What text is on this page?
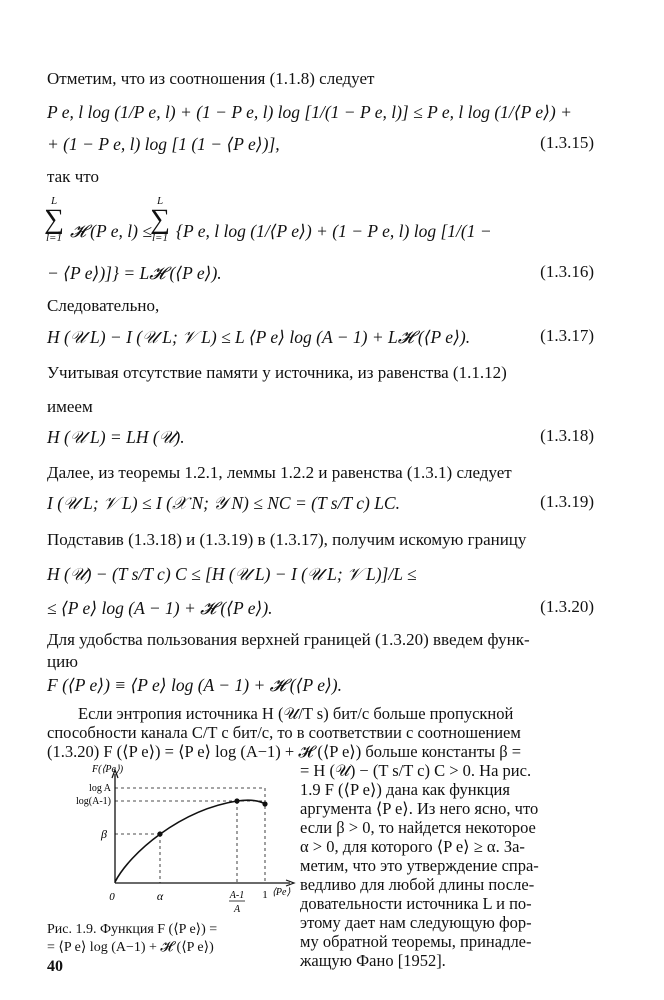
Отметим, что из соотношения (1.1.8) следует
P e, l log (1/P e, l) + (1 − P e, l) log [1/(1 − P e, l)] ≤ P e, l log (1/⟨P e⟩) +
+ (1 − P e, l) log [1 (1 − ⟨P e⟩)],	(1.3.15)
так что
L
∑
l=1 𝓗 (P e, l) ≤
L
∑
l=1 {P e, l log (1/⟨P e⟩) + (1 − P e, l) log [1/(1 −
− ⟨P e⟩)]} = L𝓗 (⟨P e⟩).	(1.3.16)
Следовательно,
H (𝒰 L) − I (𝒰 L; 𝒱 L) ≤ L ⟨P e⟩ log (A − 1) + L𝓗 (⟨P e⟩).	(1.3.17)
Учитывая отсутствие памяти у источника, из равенства (1.1.12)
имеем
H (𝒰 L) = LH (𝒰).	(1.3.18)
Далее, из теоремы 1.2.1, леммы 1.2.2 и равенства (1.3.1) следует
I (𝒰 L; 𝒱 L) ≤ I (𝒳 N; 𝒴 N) ≤ NC = (T s/T c) LC.	(1.3.19)
Подставив (1.3.18) и (1.3.19) в (1.3.17), получим искомую границу
H (𝒰) − (T s/T c) C ≤ [H (𝒰 L) − I (𝒰 L; 𝒱 L)]/L ≤
≤ ⟨P e⟩ log (A − 1) + 𝓗 (⟨P e⟩).	(1.3.20)
Для удобства пользования верхней границей (1.3.20) введем функ-
цию
F (⟨P e⟩) ≡ ⟨P e⟩ log (A − 1) + 𝓗 (⟨P e⟩).
Если энтропия источника H (𝒰/T s) бит/с больше пропускной
способности канала C/T c бит/с, то в соответствии с соотношением
(1.3.20) F (⟨P e⟩) = ⟨P e⟩ log (A−1) + 𝓗 (⟨P e⟩) больше константы β =
= H (𝒰) − (T s/T c) C > 0. На рис.
1.9 F (⟨P e⟩) дана как функция
аргумента ⟨P e⟩. Из него ясно, что
если β > 0, то найдется некоторое
α > 0, для которого ⟨P e⟩ ≥ α. За-
метим, что это утверждение спра-
ведливо для любой длины после-
довательности источника L и по-
этому дает нам следующую фор-
му обратной теоремы, принадле-
жащую Фано [1952].
F(⟨Pe⟩)
log A
log(A-1)
β
0	α	A-1
A
1 ⟨Pe⟩
Рис. 1.9. Функция F (⟨P e⟩) =
= ⟨P e⟩ log (A−1) + 𝓗 (⟨P e⟩)
40
